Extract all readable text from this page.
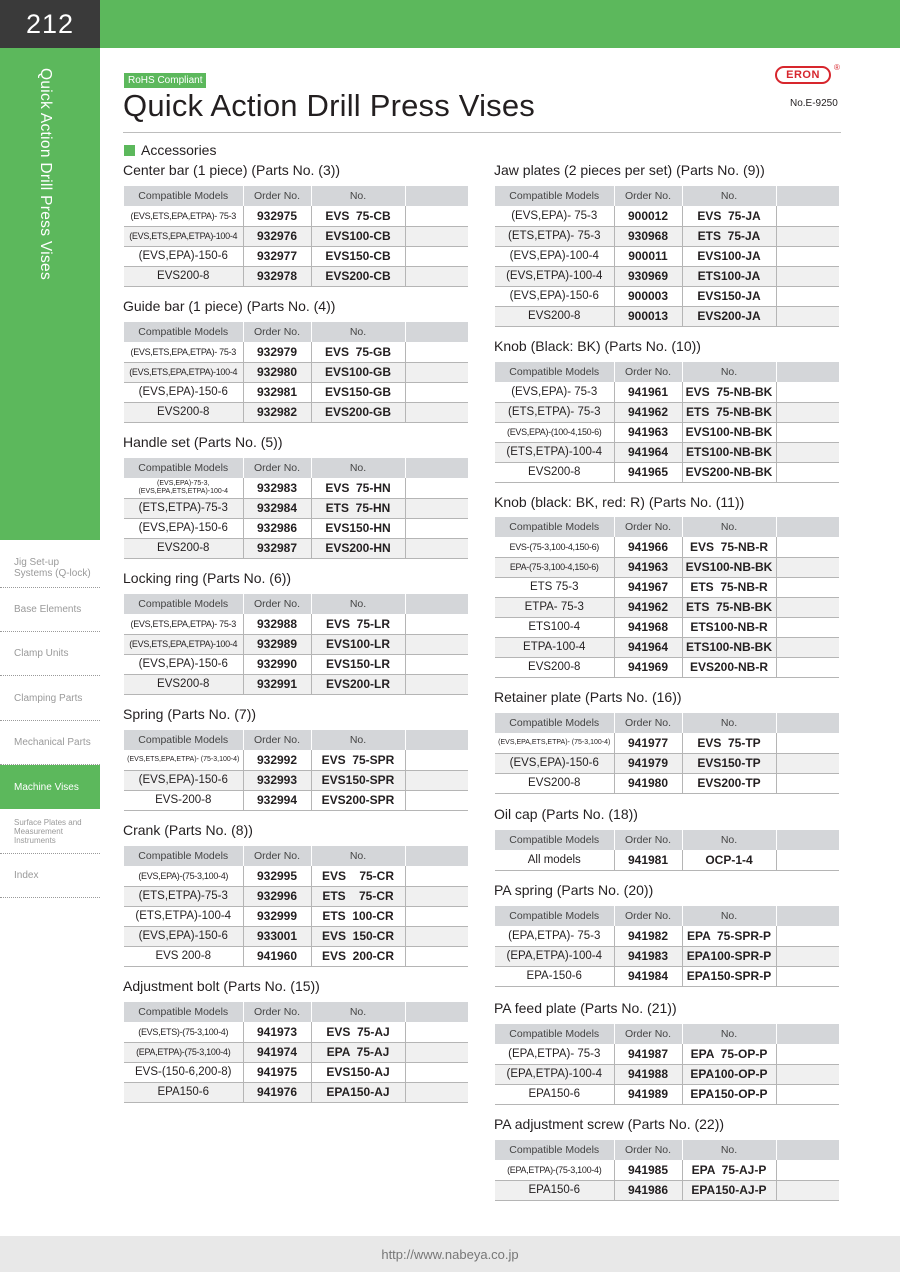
212
Quick Action Drill Press Vises
Jig Set-up Systems (Q-lock)
Base Elements
Clamp Units
Clamping Parts
Mechanical Parts
Machine Vises
Surface Plates and Measurement Instruments
Index
RoHS Compliant
Quick Action Drill Press Vises
ERON
®
No.E-9250
Accessories
Center bar (1 piece) (Parts No. (3))
Compatible Models	Order No.	No.	
(EVS,ETS,EPA,ETPA)- 75-3	932975	EVS  75-CB	
(EVS,ETS,EPA,ETPA)-100-4	932976	EVS100-CB	
(EVS,EPA)-150-6	932977	EVS150-CB	
EVS200-8	932978	EVS200-CB	
Guide bar (1 piece) (Parts No. (4))
Compatible Models	Order No.	No.	
(EVS,ETS,EPA,ETPA)- 75-3	932979	EVS  75-GB	
(EVS,ETS,EPA,ETPA)-100-4	932980	EVS100-GB	
(EVS,EPA)-150-6	932981	EVS150-GB	
EVS200-8	932982	EVS200-GB	
Handle set (Parts No. (5))
Compatible Models	Order No.	No.	
(EVS,EPA)-75-3, (EVS,EPA,ETS,ETPA)-100-4	932983	EVS  75-HN	
(ETS,ETPA)-75-3	932984	ETS  75-HN	
(EVS,EPA)-150-6	932986	EVS150-HN	
EVS200-8	932987	EVS200-HN	
Locking ring (Parts No. (6))
Compatible Models	Order No.	No.	
(EVS,ETS,EPA,ETPA)- 75-3	932988	EVS  75-LR	
(EVS,ETS,EPA,ETPA)-100-4	932989	EVS100-LR	
(EVS,EPA)-150-6	932990	EVS150-LR	
EVS200-8	932991	EVS200-LR	
Spring (Parts No. (7))
Compatible Models	Order No.	No.	
(EVS,ETS,EPA,ETPA)- (75-3,100-4)	932992	EVS  75-SPR	
(EVS,EPA)-150-6	932993	EVS150-SPR	
EVS-200-8	932994	EVS200-SPR	
Crank (Parts No. (8))
Compatible Models	Order No.	No.	
(EVS,EPA)-(75-3,100-4)	932995	EVS    75-CR	
(ETS,ETPA)-75-3	932996	ETS    75-CR	
(ETS,ETPA)-100-4	932999	ETS  100-CR	
(EVS,EPA)-150-6	933001	EVS  150-CR	
EVS 200-8	941960	EVS  200-CR	
Adjustment bolt (Parts No. (15))
Compatible Models	Order No.	No.	
(EVS,ETS)-(75-3,100-4)	941973	EVS  75-AJ	
(EPA,ETPA)-(75-3,100-4)	941974	EPA  75-AJ	
EVS-(150-6,200-8)	941975	EVS150-AJ	
EPA150-6	941976	EPA150-AJ	
Jaw plates (2 pieces per set) (Parts No. (9))
Compatible Models	Order No.	No.	
(EVS,EPA)- 75-3	900012	EVS  75-JA	
(ETS,ETPA)- 75-3	930968	ETS  75-JA	
(EVS,EPA)-100-4	900011	EVS100-JA	
(EVS,ETPA)-100-4	930969	ETS100-JA	
(EVS,EPA)-150-6	900003	EVS150-JA	
EVS200-8	900013	EVS200-JA	
Knob (Black: BK) (Parts No. (10))
Compatible Models	Order No.	No.	
(EVS,EPA)- 75-3	941961	EVS  75-NB-BK	
(ETS,ETPA)- 75-3	941962	ETS  75-NB-BK	
(EVS,EPA)-(100-4,150-6)	941963	EVS100-NB-BK	
(ETS,ETPA)-100-4	941964	ETS100-NB-BK	
EVS200-8	941965	EVS200-NB-BK	
Knob (black: BK, red: R) (Parts No. (11))
Compatible Models	Order No.	No.	
EVS-(75-3,100-4,150-6)	941966	EVS  75-NB-R	
EPA-(75-3,100-4,150-6)	941963	EVS100-NB-BK	
ETS 75-3	941967	ETS  75-NB-R	
ETPA- 75-3	941962	ETS  75-NB-BK	
ETS100-4	941968	ETS100-NB-R	
ETPA-100-4	941964	ETS100-NB-BK	
EVS200-8	941969	EVS200-NB-R	
Retainer plate (Parts No. (16))
Compatible Models	Order No.	No.	
(EVS,EPA,ETS,ETPA)- (75-3,100-4)	941977	EVS  75-TP	
(EVS,EPA)-150-6	941979	EVS150-TP	
EVS200-8	941980	EVS200-TP	
Oil cap (Parts No. (18))
Compatible Models	Order No.	No.	
All models	941981	OCP-1-4	
PA spring (Parts No. (20))
Compatible Models	Order No.	No.	
(EPA,ETPA)- 75-3	941982	EPA  75-SPR-P	
(EPA,ETPA)-100-4	941983	EPA100-SPR-P	
EPA-150-6	941984	EPA150-SPR-P	
PA feed plate (Parts No. (21))
Compatible Models	Order No.	No.	
(EPA,ETPA)- 75-3	941987	EPA  75-OP-P	
(EPA,ETPA)-100-4	941988	EPA100-OP-P	
EPA150-6	941989	EPA150-OP-P	
PA adjustment screw (Parts No. (22))
Compatible Models	Order No.	No.	
(EPA,ETPA)-(75-3,100-4)	941985	EPA  75-AJ-P	
EPA150-6	941986	EPA150-AJ-P	
http://www.nabeya.co.jp
